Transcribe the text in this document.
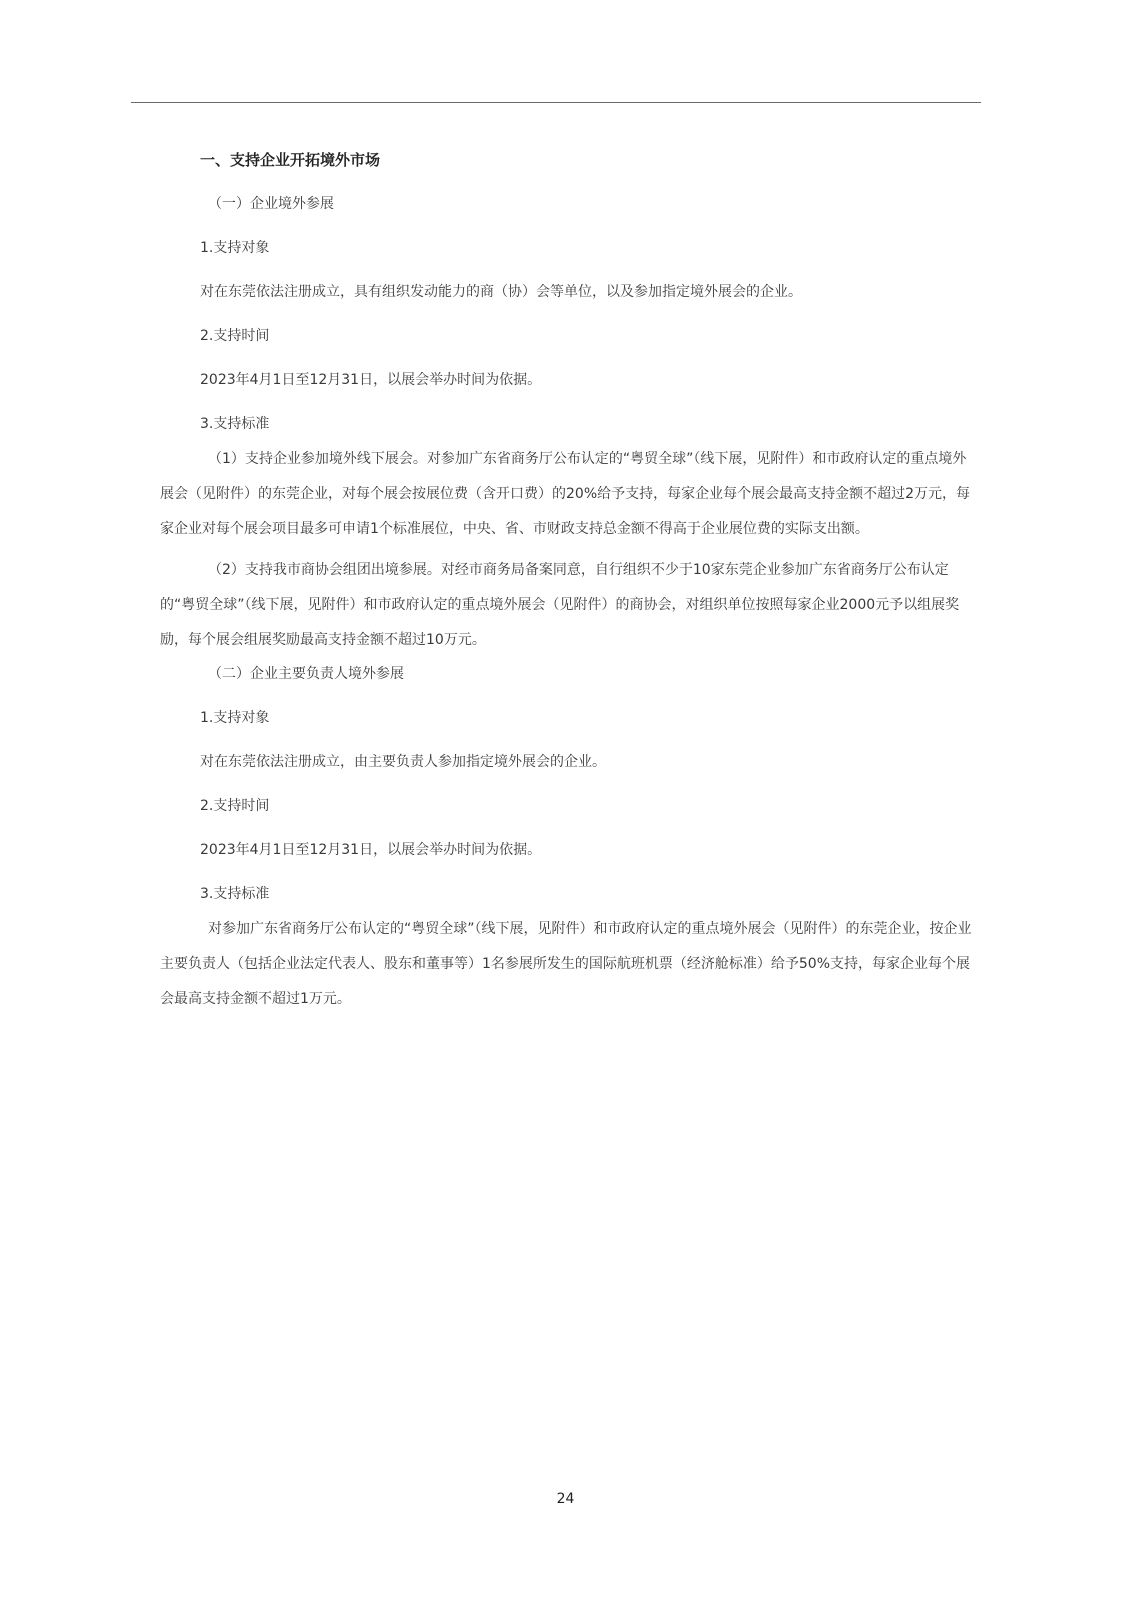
一、支持企业开拓境外市场

（一）企业境外参展

1.支持对象

对在东莞依法注册成立，具有组织发动能力的商（协）会等单位，以及参加指定境外展会的企业。

2.支持时间

2023年4月1日至12月31日，以展会举办时间为依据。

3.支持标准

（1）支持企业参加境外线下展会。对参加广东省商务厅公布认定的“粤贸全球”（线下展，见附件）和市政府认定的重点境外展会（见附件）的东莞企业，对每个展会按展位费（含开口费）的20%给予支持，每家企业每个展会最高支持金额不超过2万元，每家企业对每个展会项目最多可申请1个标准展位，中央、省、市财政支持总金额不得高于企业展位费的实际支出额。

（2）支持我市商协会组团出境参展。对经市商务局备案同意，自行组织不少于10家东莞企业参加广东省商务厅公布认定的“粤贸全球”（线下展，见附件）和市政府认定的重点境外展会（见附件）的商协会，对组织单位按照每家企业2000元予以组展奖励，每个展会组展奖励最高支持金额不超过10万元。

（二）企业主要负责人境外参展

1.支持对象

对在东莞依法注册成立，由主要负责人参加指定境外展会的企业。

2.支持时间

2023年4月1日至12月31日，以展会举办时间为依据。

3.支持标准

对参加广东省商务厅公布认定的“粤贸全球”（线下展，见附件）和市政府认定的重点境外展会（见附件）的东莞企业，按企业主要负责人（包括企业法定代表人、股东和董事等）1名参展所发生的国际航班机票（经济舱标准）给予50%支持，每家企业每个展会最高支持金额不超过1万元。

24
